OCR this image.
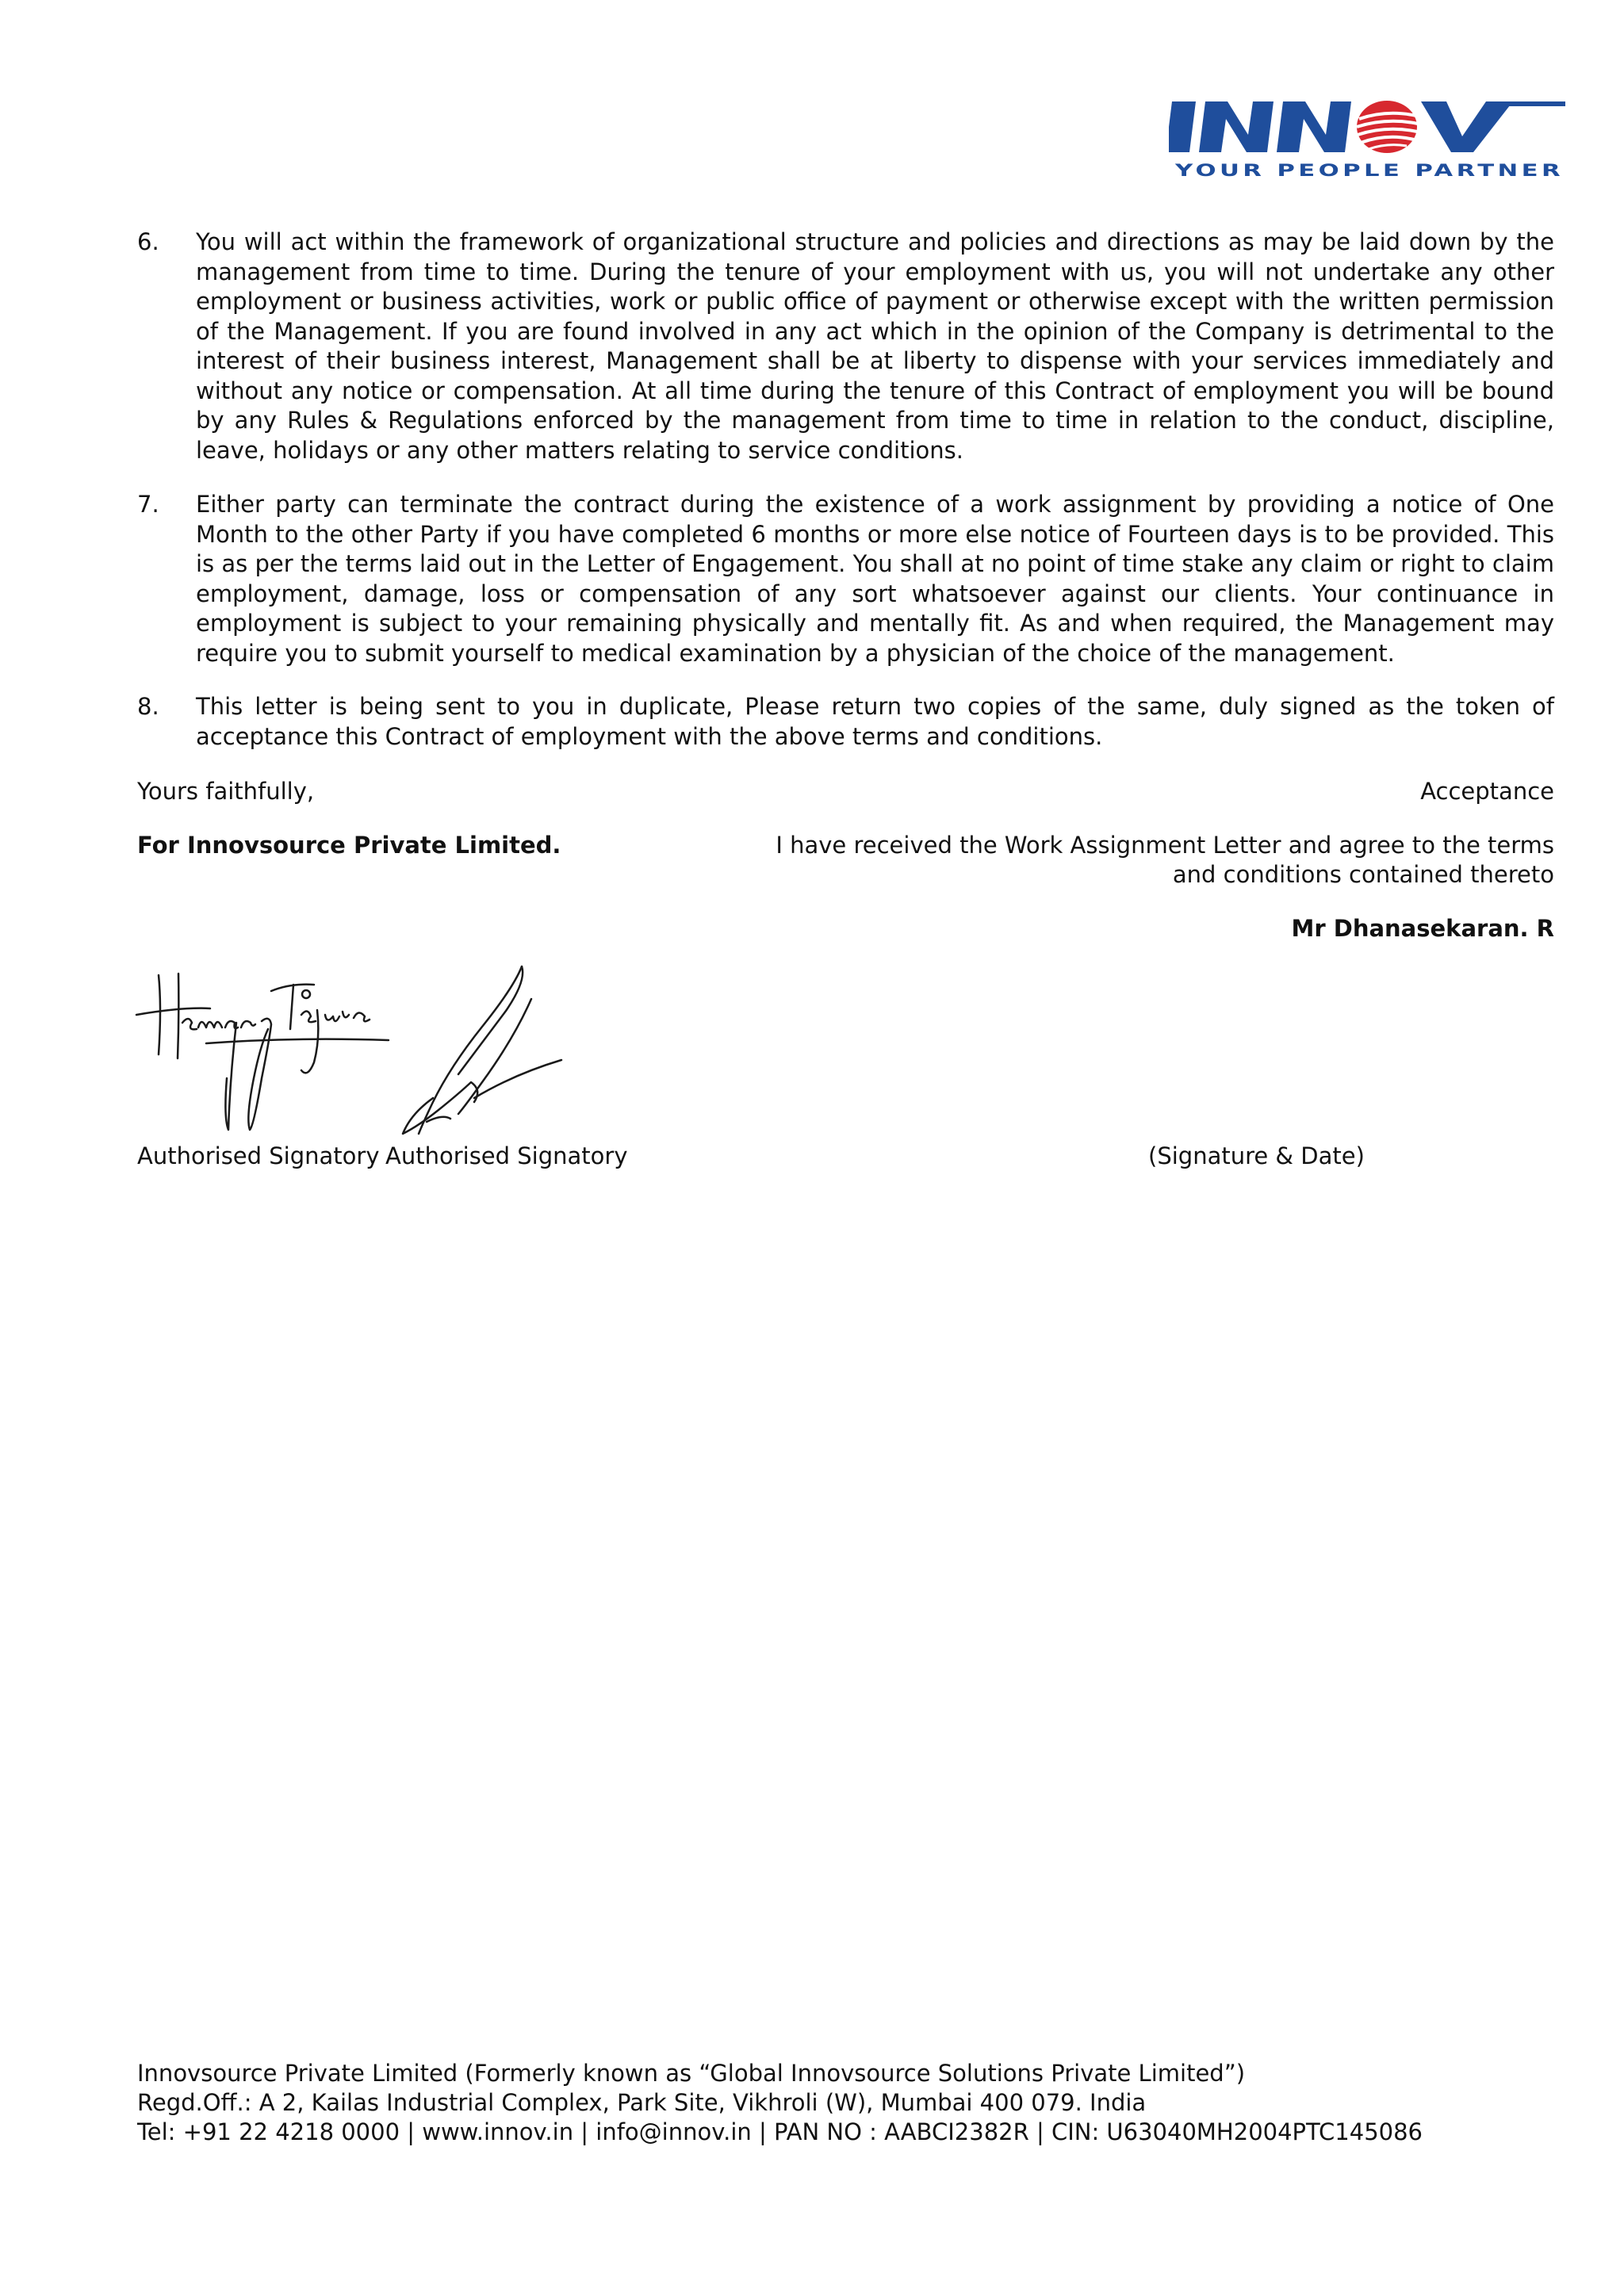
YOUR PEOPLE PARTNER
6. You will act within the framework of organizational structure and policies and directions as may be laid down by the management from time to time. During the tenure of your employment with us, you will not undertake any other employment or business activities, work or public office of payment or otherwise except with the written permission of the Management. If you are found involved in any act which in the opinion of the Company is detrimental to the interest of their business interest, Management shall be at liberty to dispense with your services immediately and without any notice or compensation. At all time during the tenure of this Contract of employment you will be bound by any Rules & Regulations enforced by the management from time to time in relation to the conduct, discipline, leave, holidays or any other matters relating to service conditions.
7. Either party can terminate the contract during the existence of a work assignment by providing a notice of One Month to the other Party if you have completed 6 months or more else notice of Fourteen days is to be provided. This is as per the terms laid out in the Letter of Engagement. You shall at no point of time stake any claim or right to claim employment, damage, loss or compensation of any sort whatsoever against our clients. Your continuance in employment is subject to your remaining physically and mentally fit. As and when required, the Management may require you to submit yourself to medical examination by a physician of the choice of the management.
8. This letter is being sent to you in duplicate, Please return two copies of the same, duly signed as the token of acceptance this Contract of employment with the above terms and conditions.
Yours faithfully,	Acceptance
For Innovsource Private Limited.	I have received the Work Assignment Letter and agree to the terms
and conditions contained thereto
Mr Dhanasekaran. R
Authorised Signatory Authorised Signatory	(Signature & Date)
Innovsource Private Limited (Formerly known as “Global Innovsource Solutions Private Limited”)
Regd.Off.: A 2, Kailas Industrial Complex, Park Site, Vikhroli (W), Mumbai 400 079. India
Tel: +91 22 4218 0000 | www.innov.in | info@innov.in | PAN NO : AABCI2382R | CIN: U63040MH2004PTC145086
